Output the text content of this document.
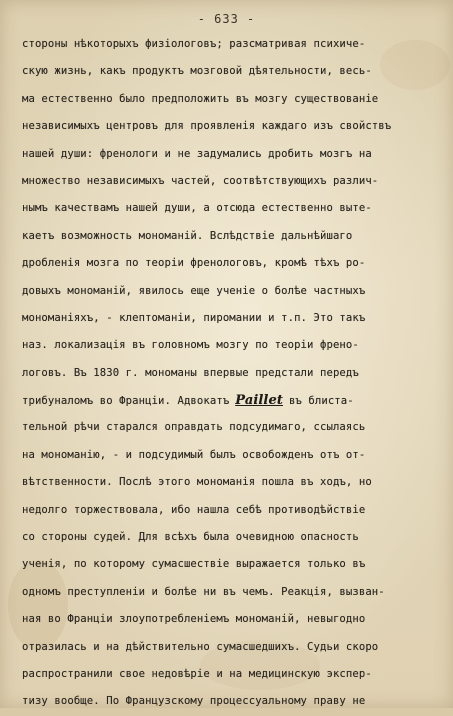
- 633 -
стороны нѣкоторыхъ физіологовъ; разсматривая психиче-
скую жизнь, какъ продуктъ мозговой дѣятельности, весь-
ма естественно было предположить въ мозгу существованіе
независимыхъ центровъ для проявленія каждаго изъ свойствъ
нашей души: френологи и не задумались дробить мозгъ на
множество независимыхъ частей, соотвѣтствующихъ различ-
нымъ качествамъ нашей души, а отсюда естественно выте-
каетъ возможность мономаній. Вслѣдствіе дальнѣйшаго
дробленія мозга по теоріи френологовъ, кромѣ тѣхъ ро-
довыхъ мономаній, явилось еще ученіе о болѣе частныхъ
мономаніяхъ, - клептоманіи, пиромании и т.п. Это такъ
наз. локализація въ головномъ мозгу по теоріи френо-
логовъ. Въ 1830 г. мономаны впервые предстали передъ
трибуналомъ во Франціи. Адвокатъ Paillet въ блиста-
тельной рѣчи старался оправдать подсудимаго, ссылаясь
на мономанію, - и подсудимый былъ освобожденъ отъ от-
вѣтственности. Послѣ этого мономанія пошла въ ходъ, но
недолго торжествовала, ибо нашла себѣ противодѣйствіе
со стороны судей. Для всѣхъ была очевидною опасность
ученія, по которому сумасшествіе выражается только въ
одномъ преступленіи и болѣе ни въ чемъ. Реакція, вызван-
ная во Франціи злоупотребленіемъ мономаній, невыгодно
отразилась и на дѣйствительно сумасшедшихъ. Судьи скоро
распространили свое недовѣріе и на медицинскую экспер-
тизу вообще. По Французскому процессуальному праву не
